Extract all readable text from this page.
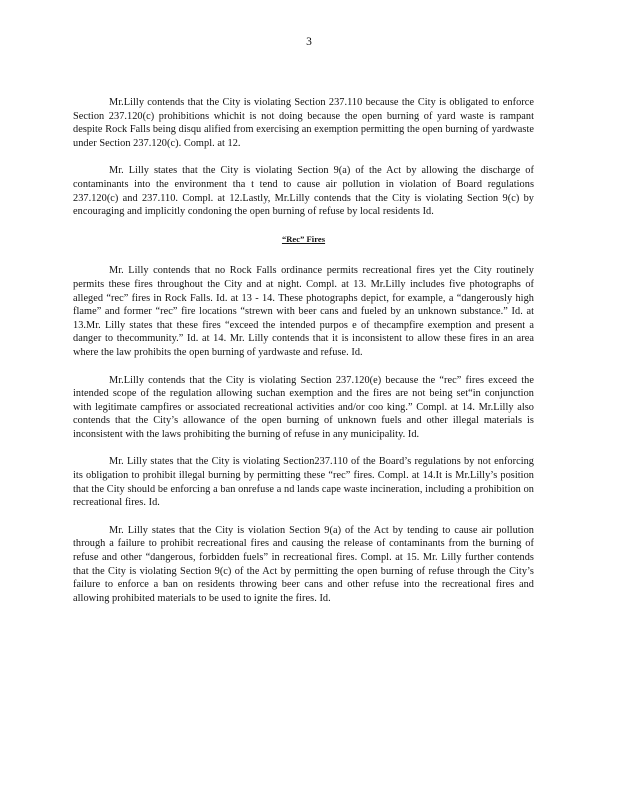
3

Mr.Lilly contends that the City is violating Section 237.110 because the City is obligated to enforce Section 237.120(c) prohibitions whichit is not doing because the open burning of yard waste is rampant despite Rock Falls being disqu alified from exercising an exemption permitting the open burning of yardwaste under Section 237.120(c). Compl. at 12.

Mr. Lilly states that the City is violating Section 9(a) of the Act by allowing the discharge of contaminants into the environment tha t tend to cause air pollution in violation of Board regulations 237.120(c) and 237.110. Compl. at 12.Lastly, Mr.Lilly contends that the City is violating Section 9(c) by encouraging and implicitly condoning the open burning of refuse by local residents Id.

“Rec” Fires

Mr. Lilly contends that no Rock Falls ordinance permits recreational fires yet the City routinely permits these fires throughout the City and at night. Compl. at 13. Mr.Lilly includes five photographs of alleged “rec” fires in Rock Falls. Id. at 13 - 14. These photographs depict, for example, a “dangerously high flame” and former “rec” fire locations “strewn with beer cans and fueled by an unknown substance.” Id. at 13.Mr. Lilly states that these fires “exceed the intended purpos e of thecampfire exemption and present a danger to thecommunity.” Id. at 14. Mr. Lilly contends that it is inconsistent to allow these fires in an area where the law prohibits the open burning of yardwaste and refuse. Id.

Mr.Lilly contends that the City is violating Section 237.120(e) because the “rec” fires exceed the intended scope of the regulation allowing suchan exemption and the fires are not being set“in conjunction with legitimate campfires or associated recreational activities and/or coo king.” Compl. at 14. Mr.Lilly also contends that the City’s allowance of the open burning of unknown fuels and other illegal materials is inconsistent with the laws prohibiting the burning of refuse in any municipality. Id.

Mr. Lilly states that the City is violating Section237.110 of the Board’s regulations by not enforcing its obligation to prohibit illegal burning by permitting these “rec” fires. Compl. at 14.It is Mr.Lilly’s position that the City should be enforcing a ban onrefuse a nd lands cape waste incineration, including a prohibition on recreational fires. Id.

Mr. Lilly states that the City is violation Section 9(a) of the Act by tending to cause air pollution through a failure to prohibit recreational fires and causing the release of contaminants from the burning of refuse and other “dangerous, forbidden fuels” in recreational fires. Compl. at 15. Mr. Lilly further contends that the City is violating Section 9(c) of the Act by permitting the open burning of refuse through the City’s failure to enforce a ban on residents throwing beer cans and other refuse into the recreational fires and allowing prohibited materials to be used to ignite the fires. Id.
